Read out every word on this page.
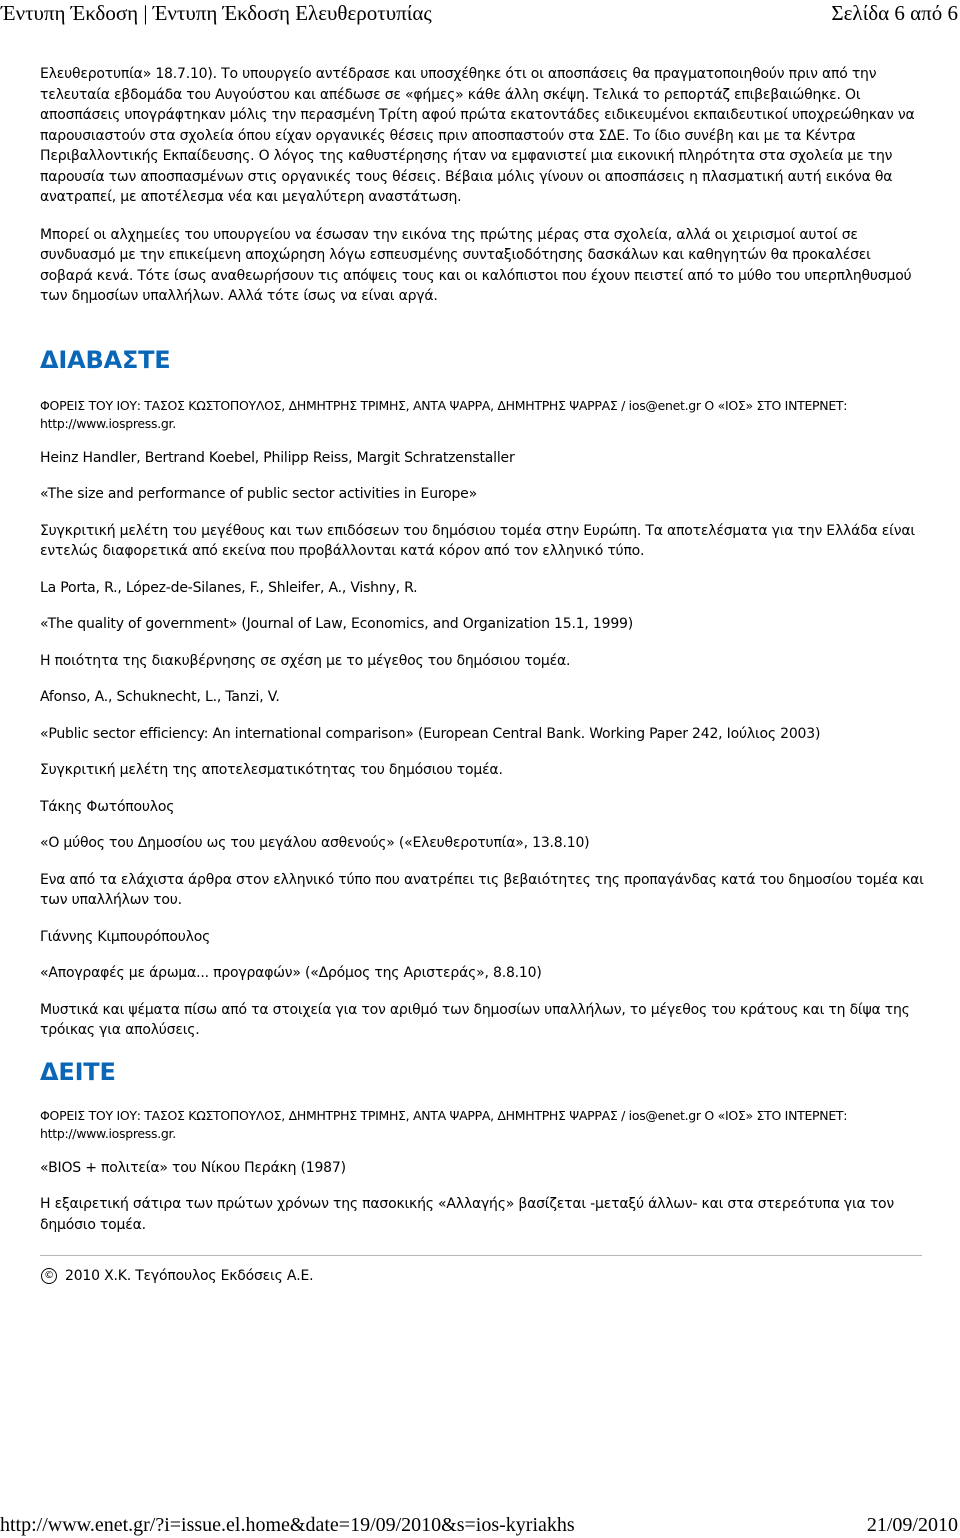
Έντυπη Έκδοση | Έντυπη Έκδοση Ελευθεροτυπίας	Σελίδα 6 από 6

Ελευθεροτυπία» 18.7.10). Το υπουργείο αντέδρασε και υποσχέθηκε ότι οι αποσπάσεις θα πραγματοποιηθούν πριν από την τελευταία εβδομάδα του Αυγούστου και απέδωσε σε «φήμες» κάθε άλλη σκέψη. Τελικά το ρεπορτάζ επιβεβαιώθηκε. Οι αποσπάσεις υπογράφτηκαν μόλις την περασμένη Τρίτη αφού πρώτα εκατοντάδες ειδικευμένοι εκπαιδευτικοί υποχρεώθηκαν να παρουσιαστούν στα σχολεία όπου είχαν οργανικές θέσεις πριν αποσπαστούν στα ΣΔΕ. Το ίδιο συνέβη και με τα Κέντρα Περιβαλλοντικής Εκπαίδευσης. Ο λόγος της καθυστέρησης ήταν να εμφανιστεί μια εικονική πληρότητα στα σχολεία με την παρουσία των αποσπασμένων στις οργανικές τους θέσεις. Βέβαια μόλις γίνουν οι αποσπάσεις η πλασματική αυτή εικόνα θα ανατραπεί, με αποτέλεσμα νέα και μεγαλύτερη αναστάτωση.

Μπορεί οι αλχημείες του υπουργείου να έσωσαν την εικόνα της πρώτης μέρας στα σχολεία, αλλά οι χειρισμοί αυτοί σε συνδυασμό με την επικείμενη αποχώρηση λόγω εσπευσμένης συνταξιοδότησης δασκάλων και καθηγητών θα προκαλέσει σοβαρά κενά. Τότε ίσως αναθεωρήσουν τις απόψεις τους και οι καλόπιστοι που έχουν πειστεί από το μύθο του υπερπληθυσμού των δημοσίων υπαλλήλων. Αλλά τότε ίσως να είναι αργά.

ΔΙΑΒΑΣΤΕ

ΦΟΡΕΙΣ ΤΟΥ ΙΟΥ: ΤΑΣΟΣ ΚΩΣΤΟΠΟΥΛΟΣ, ΔΗΜΗΤΡΗΣ ΤΡΙΜΗΣ, ΑΝΤΑ ΨΑΡΡΑ, ΔΗΜΗΤΡΗΣ ΨΑΡΡΑΣ / ios@enet.gr Ο «ΙΟΣ» ΣΤΟ ΙΝΤΕΡΝΕΤ: http://www.iospress.gr.

Heinz Handler, Bertrand Koebel, Philipp Reiss, Margit Schratzenstaller

«The size and performance of public sector activities in Europe»

Συγκριτική μελέτη του μεγέθους και των επιδόσεων του δημόσιου τομέα στην Ευρώπη. Τα αποτελέσματα για την Ελλάδα είναι εντελώς διαφορετικά από εκείνα που προβάλλονται κατά κόρον από τον ελληνικό τύπο.

La Porta, R., López-de-Silanes, F., Shleifer, A., Vishny, R.

«The quality of government» (Journal of Law, Economics, and Organization 15.1, 1999)

Η ποιότητα της διακυβέρνησης σε σχέση με το μέγεθος του δημόσιου τομέα.

Afonso, A., Schuknecht, L., Tanzi, V.

«Public sector efficiency: An international comparison» (European Central Bank. Working Paper 242, Ιούλιος 2003)

Συγκριτική μελέτη της αποτελεσματικότητας του δημόσιου τομέα.

Τάκης Φωτόπουλος

«Ο μύθος του Δημοσίου ως του μεγάλου ασθενούς» («Ελευθεροτυπία», 13.8.10)

Ενα από τα ελάχιστα άρθρα στον ελληνικό τύπο που ανατρέπει τις βεβαιότητες της προπαγάνδας κατά του δημοσίου τομέα και των υπαλλήλων του.

Γιάννης Κιμπουρόπουλος

«Απογραφές με άρωμα... προγραφών» («Δρόμος της Αριστεράς», 8.8.10)

Μυστικά και ψέματα πίσω από τα στοιχεία για τον αριθμό των δημοσίων υπαλλήλων, το μέγεθος του κράτους και τη δίψα της τρόικας για απολύσεις.

ΔΕΙΤΕ

ΦΟΡΕΙΣ ΤΟΥ ΙΟΥ: ΤΑΣΟΣ ΚΩΣΤΟΠΟΥΛΟΣ, ΔΗΜΗΤΡΗΣ ΤΡΙΜΗΣ, ΑΝΤΑ ΨΑΡΡΑ, ΔΗΜΗΤΡΗΣ ΨΑΡΡΑΣ / ios@enet.gr Ο «ΙΟΣ» ΣΤΟ ΙΝΤΕΡΝΕΤ: http://www.iospress.gr.

«BIOS + πολιτεία» του Νίκου Περάκη (1987)

Η εξαιρετική σάτιρα των πρώτων χρόνων της πασοκικής «Αλλαγής» βασίζεται -μεταξύ άλλων- και στα στερεότυπα για τον δημόσιο τομέα.

© 2010 Χ.Κ. Τεγόπουλος Εκδόσεις Α.Ε.

http://www.enet.gr/?i=issue.el.home&date=19/09/2010&s=ios-kyriakhs	21/09/2010
